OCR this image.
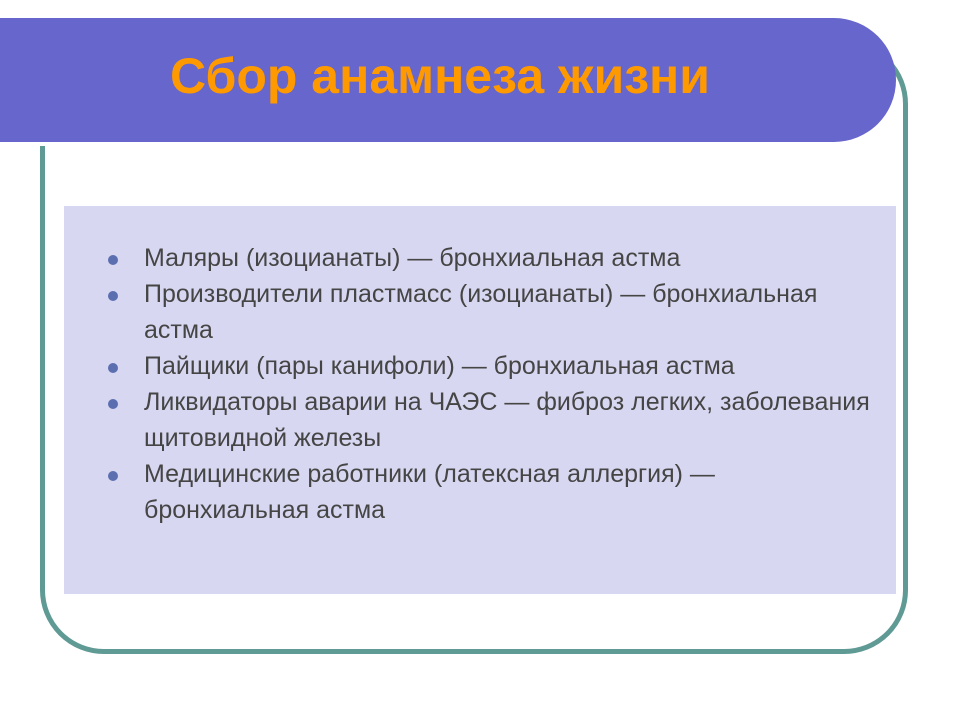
Сбор анамнеза жизни
Маляры (изоцианаты) — бронхиальная астма
Производители пластмасс (изоцианаты) — бронхиальная астма
Пайщики (пары канифоли) — бронхиальная астма
Ликвидаторы аварии на ЧАЭС — фиброз легких, заболевания щитовидной железы
Медицинские работники (латексная аллергия) — бронхиальная астма
